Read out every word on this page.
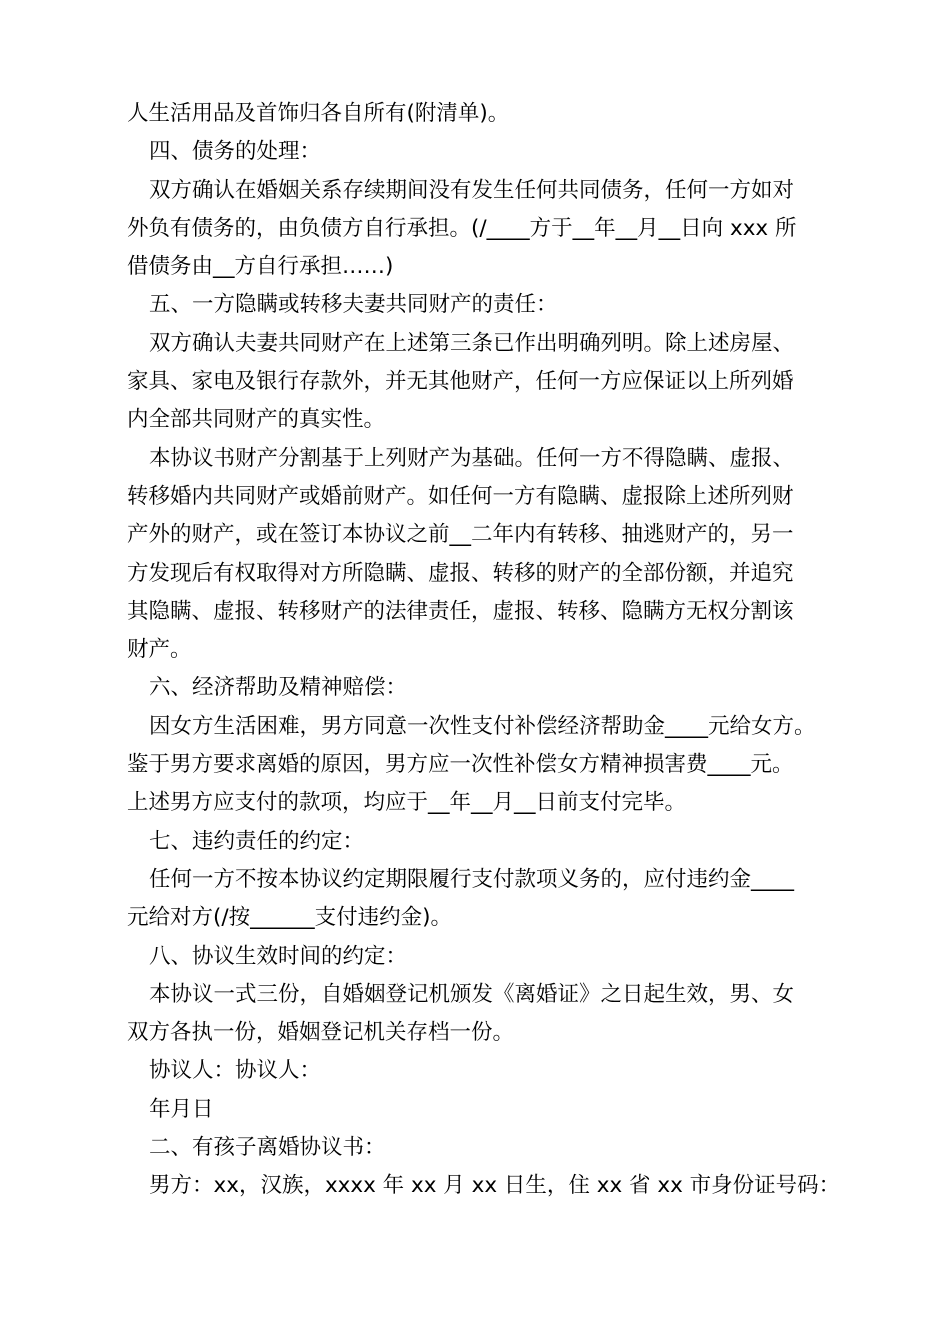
人生活用品及首饰归各自所有(附清单)。
四、债务的处理：
双方确认在婚姻关系存续期间没有发生任何共同债务，任何一方如对
外负有债务的，由负债方自行承担。(/____方于__年__月__日向 xxx 所
借债务由__方自行承担……)
五、一方隐瞒或转移夫妻共同财产的责任：
双方确认夫妻共同财产在上述第三条已作出明确列明。除上述房屋、
家具、家电及银行存款外，并无其他财产，任何一方应保证以上所列婚
内全部共同财产的真实性。
本协议书财产分割基于上列财产为基础。任何一方不得隐瞒、虚报、
转移婚内共同财产或婚前财产。如任何一方有隐瞒、虚报除上述所列财
产外的财产，或在签订本协议之前__二年内有转移、抽逃财产的，另一
方发现后有权取得对方所隐瞒、虚报、转移的财产的全部份额，并追究
其隐瞒、虚报、转移财产的法律责任，虚报、转移、隐瞒方无权分割该
财产。
六、经济帮助及精神赔偿：
因女方生活困难，男方同意一次性支付补偿经济帮助金____元给女方。
鉴于男方要求离婚的原因，男方应一次性补偿女方精神损害费____元。
上述男方应支付的款项，均应于__年__月__日前支付完毕。
七、违约责任的约定：
任何一方不按本协议约定期限履行支付款项义务的，应付违约金____
元给对方(/按______支付违约金)。
八、协议生效时间的约定：
本协议一式三份，自婚姻登记机颁发《离婚证》之日起生效，男、女
双方各执一份，婚姻登记机关存档一份。
协议人：协议人：
年月日
二、有孩子离婚协议书：
男方：xx，汉族，xxxx 年 xx 月 xx 日生，住 xx 省 xx 市身份证号码：
